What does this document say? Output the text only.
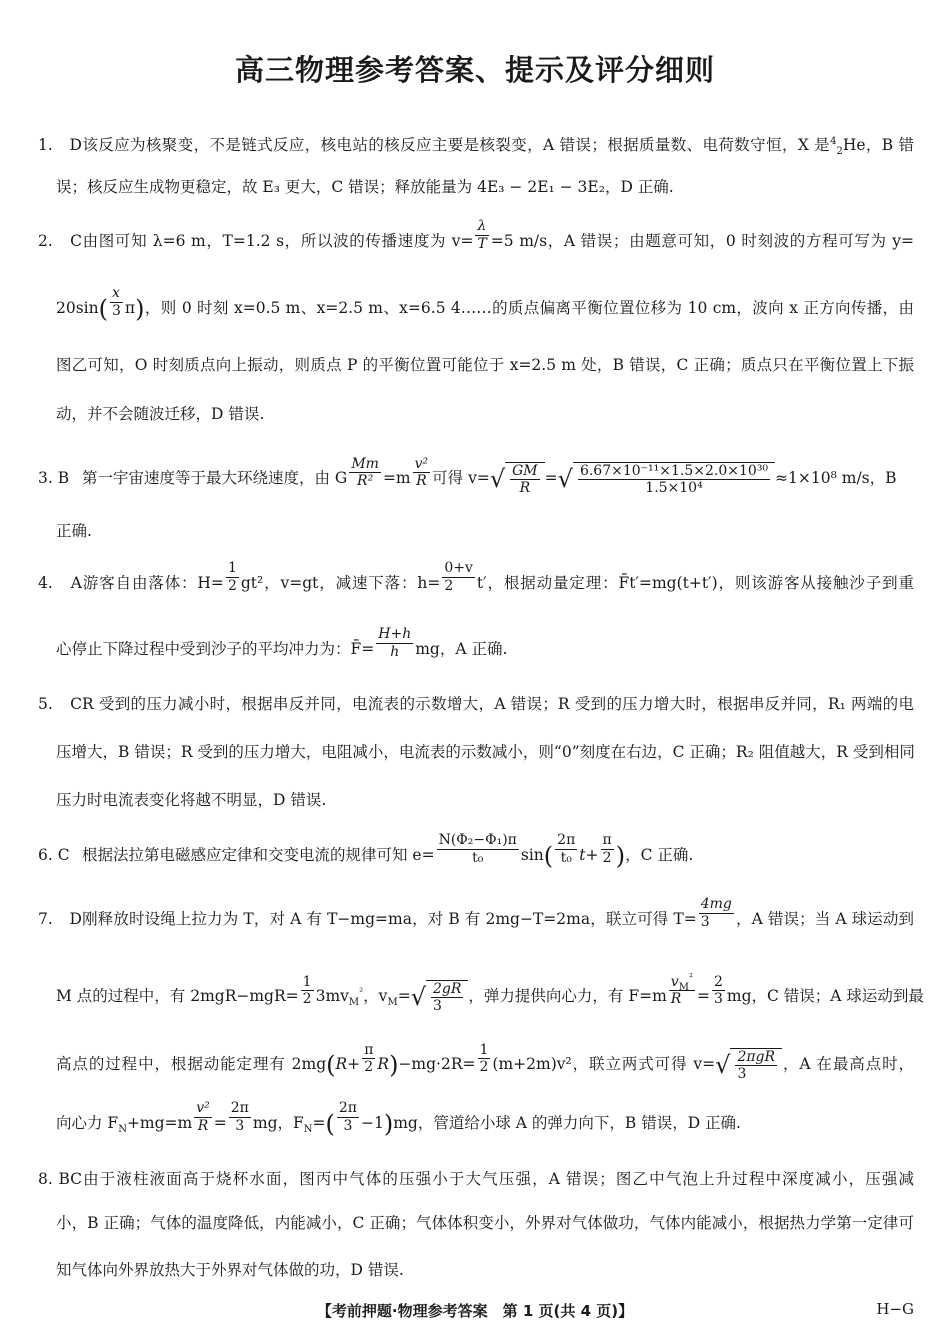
高三物理参考答案、提示及评分细则
1. D该反应为核聚变，不是链式反应，核电站的核反应主要是核裂变，A 错误；根据质量数、电荷数守恒，X 是$^4_2$He，B 错
误；核反应生成物更稳定，故 E₃ 更大，C 错误；释放能量为 4E₃ − 2E₁ − 3E₂，D 正确.
2. C由图可知 λ=6 m，T=1.2 s，所以波的传播速度为 $v= \frac{\lambda}{T} =5$ m/s，A 错误；由题意可知，0 时刻波的方程可写为 y=
$20\sin( \frac{x}{3} \pi)$，则 0 时刻 x=0.5 m、x=2.5 m、x=6.5 4……的质点偏离平衡位置位移为 10 cm，波向 x 正方向传播，由
图乙可知，O 时刻质点向上振动，则质点 P 的平衡位置可能位于 x=2.5 m 处，B 错误，C 正确；质点只在平衡位置上下振
动，并不会随波迁移，D 错误.
3. B 第一宇宙速度等于最大环绕速度，由 G $\frac{Mm}{\text{R²}} =m \frac{\text{v²}}{R}$ 可得 $v=√ \frac{GM}{R}$ =√ $\frac{\text{6.67×10⁻¹¹×1.5×2.0×10³⁰}}{\text{1.5×10⁴}} \approx 1\times 10^8$ m/s，B
正确.
4. A游客自由落体：$H= \frac{1}{2} gt^2$，v=gt，减速下落：$h= \frac{0+v}{2} t'$，根据动量定理：F̄t′=mg(t+t′)，则该游客从接触沙子到重
心停止下降过程中受到沙子的平均冲力为：F̄= $\frac{H+h}{h}$ mg，A 正确.
5. CR 受到的压力减小时，根据串反并同，电流表的示数增大，A 错误；R 受到的压力增大时，根据串反并同，R₁ 两端的电
压增大，B 错误；R 受到的压力增大，电阻减小，电流表的示数减小，则“0”刻度在右边，C 正确；R₂ 阻值越大，R 受到相同
压力时电流表变化将越不明显，D 错误.
6. C 根据法拉第电磁感应定律和交变电流的规律可知 $e= \frac{\text{N(Φ₂−Φ₁)π}}{\text{t₀}} \sin( \frac{2\pi}{\text{t₀}} t+ \frac{\pi}{2}$ )，C 正确.
7. D刚释放时设绳上拉力为 T，对 A 有 T−mg=ma，对 B 有 2mg−T=2ma，联立可得 $T= \frac{4mg}{3}$ ，A 错误；当 A 球运动到
M 点的过程中，有 $2mgR-mgR= \frac{1}{2} 3mv_M^{^2}$，$v_M=√ \frac{2gR}{3}$ ，弹力提供向心力，有 $F=m \frac{v_M^{^2}}{R} = \frac{2}{3}$ mg，C 错误；A 球运动到最
高点的过程中，根据动能定理有 $2mg(R+ \frac{\pi}{2} R)-mg\cdot 2R= \frac{1}{2} (m+2m)v^2$，联立两式可得 $v=√ \frac{\text{2πgR}}{3}$ ，A 在最高点时，
向心力 $F_N+mg=m \frac{\text{v²}}{R} = \frac{2\pi}{3}$ mg，$F_N=( \frac{2\pi}{3} -1)mg$，管道给小球 A 的弹力向下，B 错误，D 正确.
8. BC由于液柱液面高于烧杯水面，图丙中气体的压强小于大气压强，A 错误；图乙中气泡上升过程中深度减小，压强减
小，B 正确；气体的温度降低，内能减小，C 正确；气体体积变小，外界对气体做功，气体内能减小，根据热力学第一定律可
知气体向外界放热大于外界对气体做的功，D 错误.
【考前押题·物理参考答案　第 1 页(共 4 页)】	H−G
